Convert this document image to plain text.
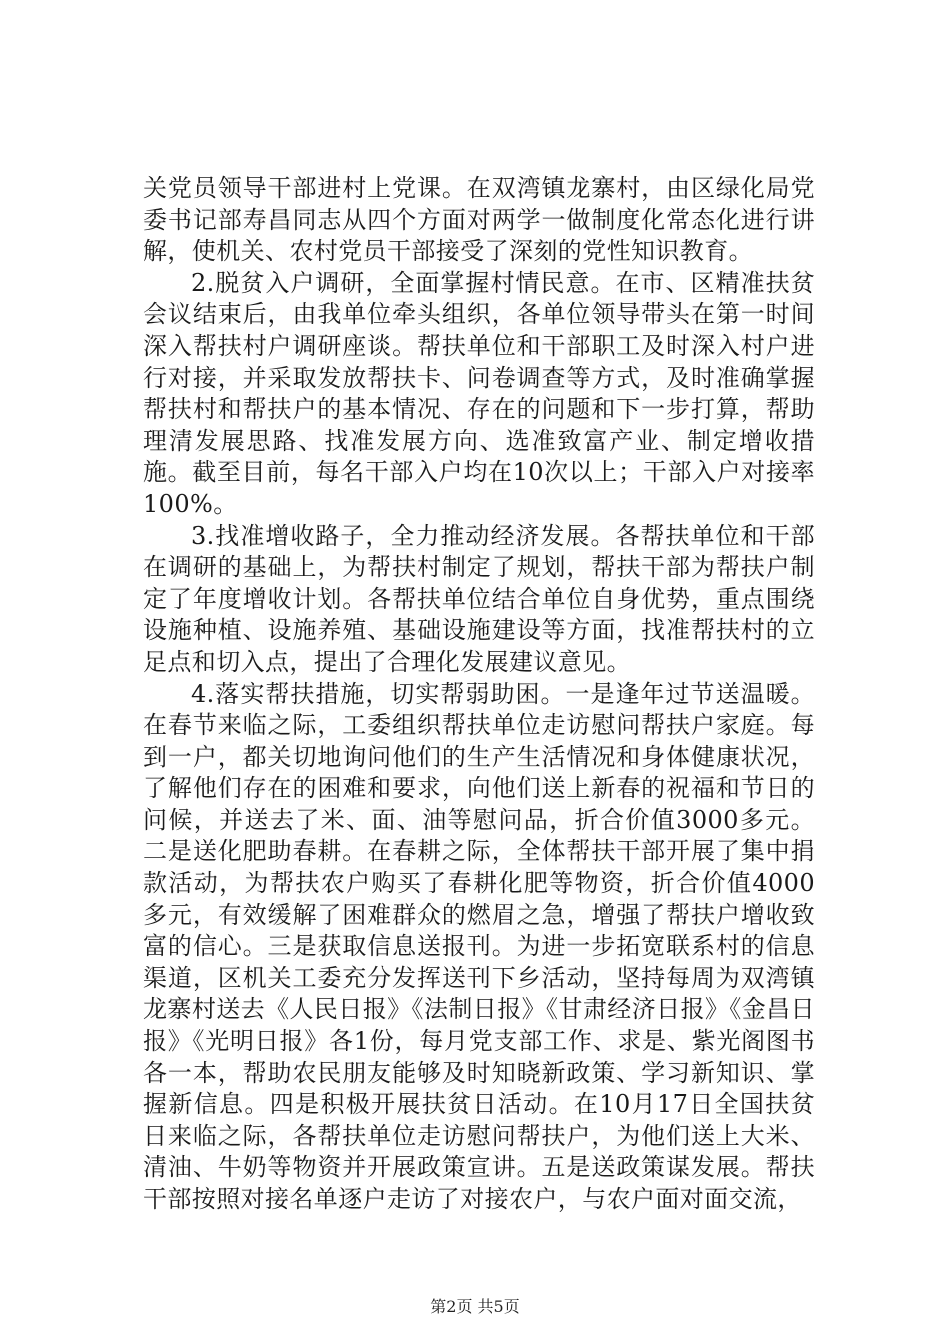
关党员领导干部进村上党课。在双湾镇龙寨村，由区绿化局党委书记部寿昌同志从四个方面对两学一做制度化常态化进行讲解，使机关、农村党员干部接受了深刻的党性知识教育。

2.脱贫入户调研，全面掌握村情民意。在市、区精准扶贫会议结束后，由我单位牵头组织，各单位领导带头在第一时间深入帮扶村户调研座谈。帮扶单位和干部职工及时深入村户进行对接，并采取发放帮扶卡、问卷调查等方式，及时准确掌握帮扶村和帮扶户的基本情况、存在的问题和下一步打算，帮助理清发展思路、找准发展方向、选准致富产业、制定增收措施。截至目前，每名干部入户均在10次以上；干部入户对接率100%。

3.找准增收路子，全力推动经济发展。各帮扶单位和干部在调研的基础上，为帮扶村制定了规划，帮扶干部为帮扶户制定了年度增收计划。各帮扶单位结合单位自身优势，重点围绕设施种植、设施养殖、基础设施建设等方面，找准帮扶村的立足点和切入点，提出了合理化发展建议意见。

4.落实帮扶措施，切实帮弱助困。一是逢年过节送温暖。在春节来临之际，工委组织帮扶单位走访慰问帮扶户家庭。每到一户，都关切地询问他们的生产生活情况和身体健康状况，了解他们存在的困难和要求，向他们送上新春的祝福和节日的问候，并送去了米、面、油等慰问品，折合价值3000多元。二是送化肥助春耕。在春耕之际，全体帮扶干部开展了集中捐款活动，为帮扶农户购买了春耕化肥等物资，折合价值4000多元，有效缓解了困难群众的燃眉之急，增强了帮扶户增收致富的信心。三是获取信息送报刊。为进一步拓宽联系村的信息渠道，区机关工委充分发挥送刊下乡活动，坚持每周为双湾镇龙寨村送去《人民日报》《法制日报》《甘肃经济日报》《金昌日报》《光明日报》各1份，每月党支部工作、求是、紫光阁图书各一本，帮助农民朋友能够及时知晓新政策、学习新知识、掌握新信息。四是积极开展扶贫日活动。在10月17日全国扶贫日来临之际，各帮扶单位走访慰问帮扶户，为他们送上大米、清油、牛奶等物资并开展政策宣讲。五是送政策谋发展。帮扶干部按照对接名单逐户走访了对接农户，与农户面对面交流，

第2页 共5页
